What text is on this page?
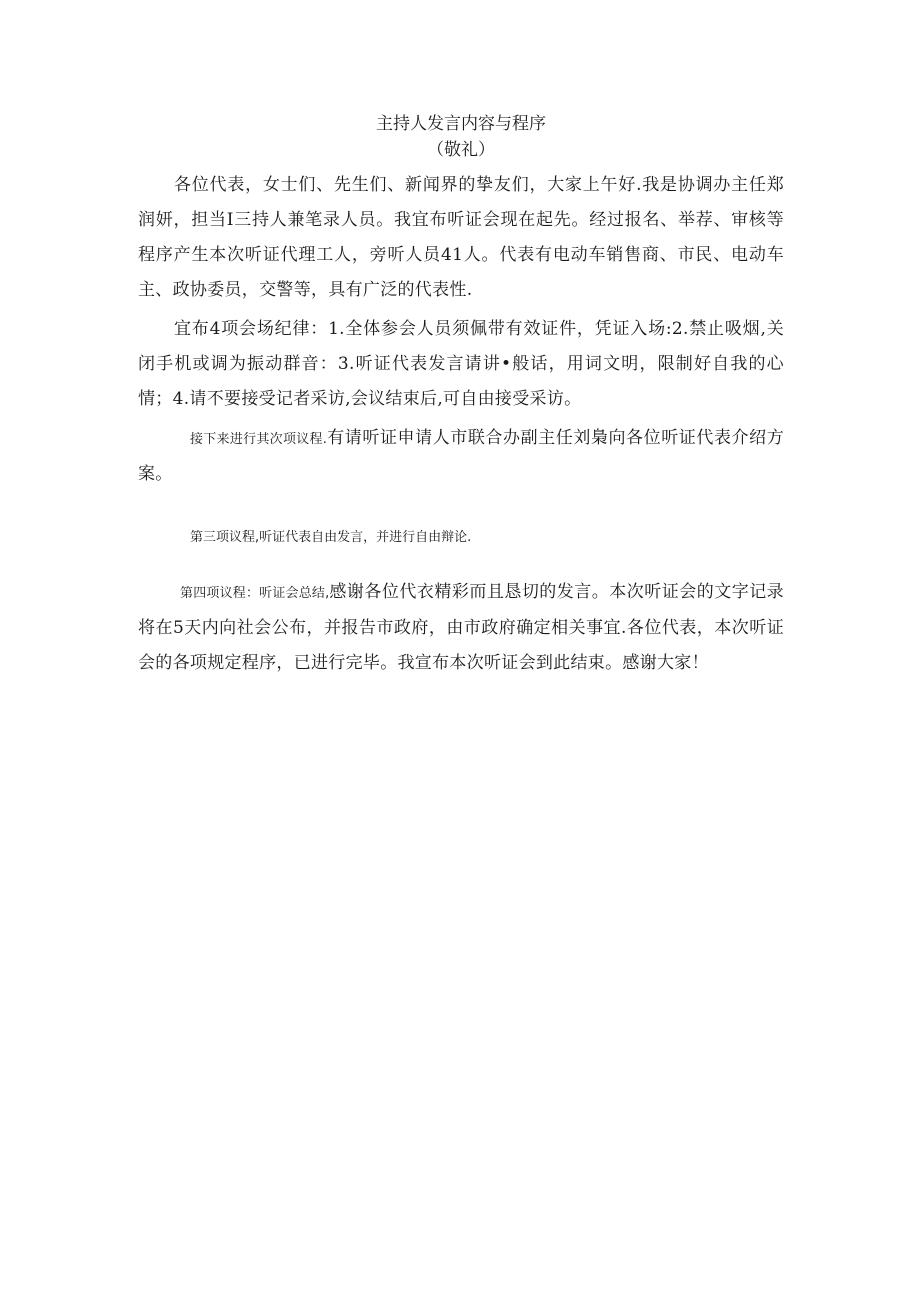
主持人发言内容与程序
（敬礼）

各位代表，女士们、先生们、新闻界的挚友们，大家上午好.我是协调办主任郑润妍，担当I三持人兼笔录人员。我宜布听证会现在起先。经过报名、举荐、审核等程序产生本次听证代理工人，旁听人员41人。代表有电动车销售商、市民、电动车主、政协委员，交警等，具有广泛的代表性.

宜布4项会场纪律：1.全体参会人员须佩带有效证件，凭证入场:2.禁止吸烟,关闭手机或调为振动群音：3.听证代表发言请讲•般话，用词文明，限制好自我的心情；4.请不要接受记者采访,会议结束后,可自由接受采访。

接下来进行其次项议程.有请听证申请人市联合办副主任刘梟向各位听证代表介绍方案。

第三项议程,听证代表自由发言，并进行自由辩论.

第四项议程：听证会总结,感谢各位代衣精彩而且恳切的发言。本次听证会的文字记录将在5天内向社会公布，并报告市政府，由市政府确定相关事宜.各位代表，本次听证会的各项规定程序，已进行完毕。我宣布本次听证会到此结束。感谢大家！
